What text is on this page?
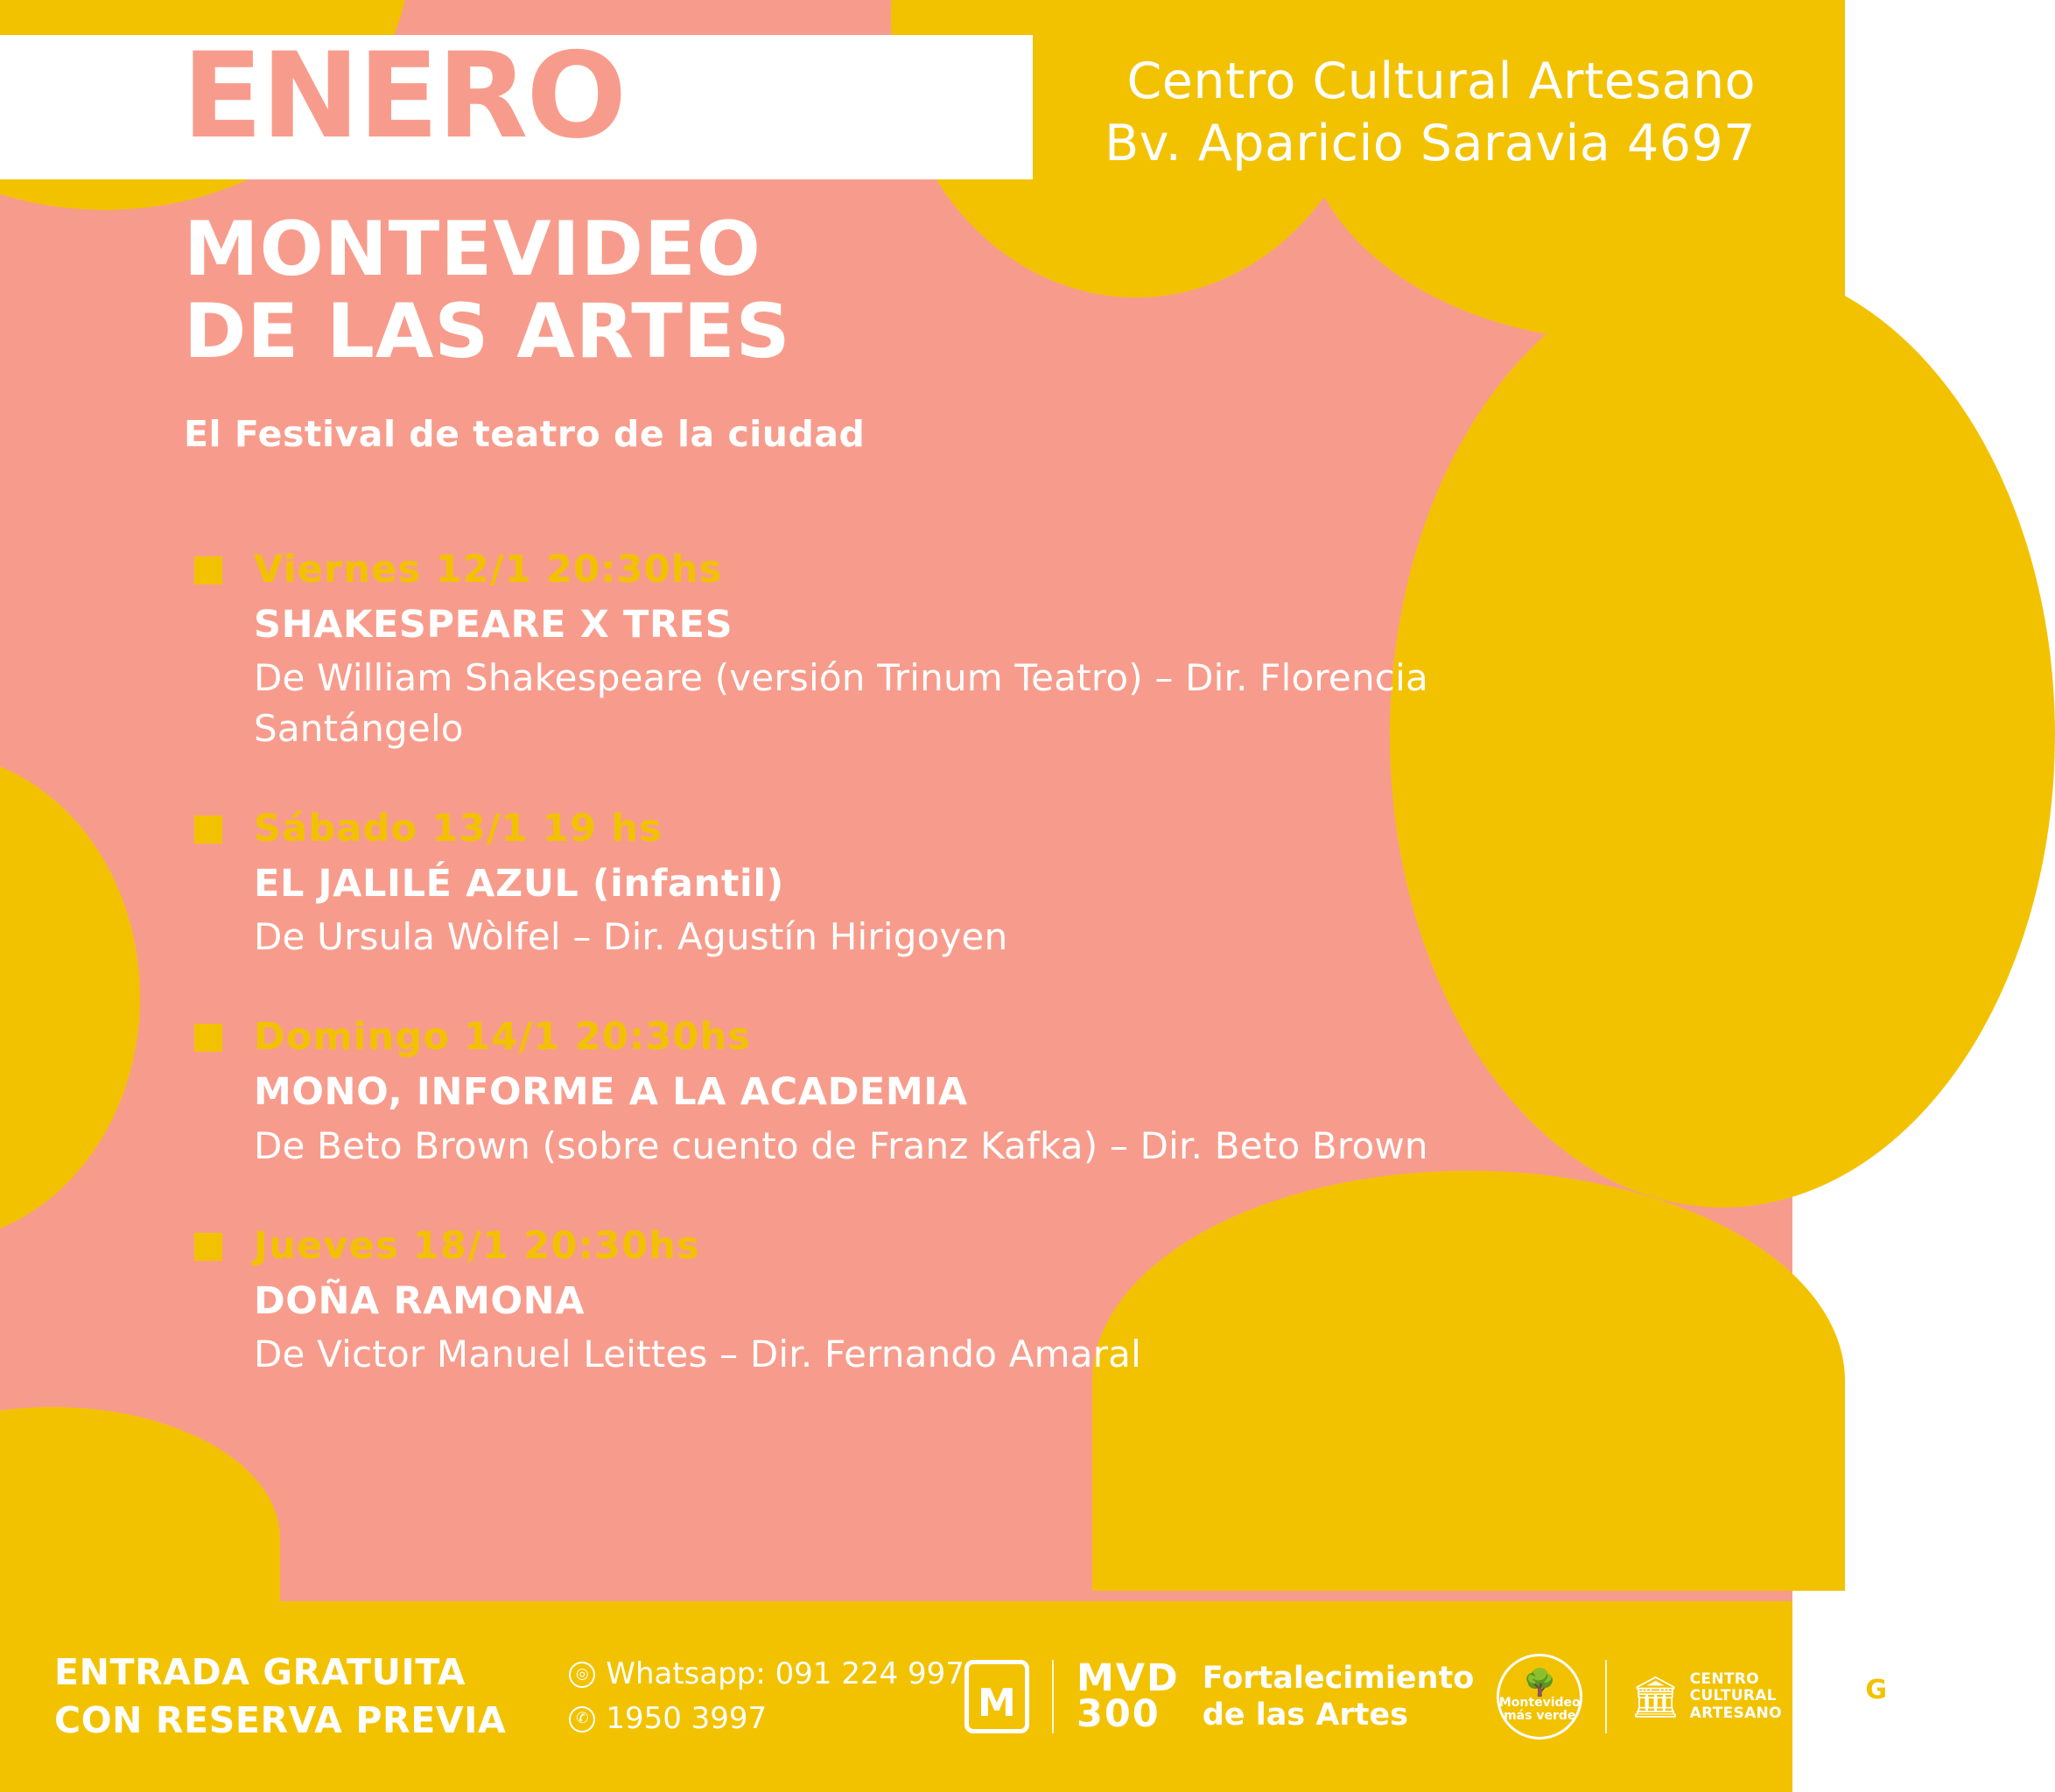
ENERO	Centro Cultural Artesano
Bv. Aparicio Saravia 4697
MONTEVIDEO
DE LAS ARTES
El Festival de teatro de la ciudad
Viernes 12/1 20:30hs
SHAKESPEARE X TRES
De William Shakespeare (versión Trinum Teatro) – Dir. Florencia Santángelo
Sábado 13/1 19 hs
EL JALILÉ AZUL (infantil)
De Ursula Wòlfel – Dir. Agustín Hirigoyen
Domingo 14/1 20:30hs
MONO, INFORME A LA ACADEMIA
De Beto Brown (sobre cuento de Franz Kafka) – Dir. Beto Brown
Jueves 18/1 20:30hs
DOÑA RAMONA
De Victor Manuel Leittes – Dir. Fernando Amaral
ENTRADA GRATUITA
CON RESERVA PREVIA
◎ Whatsapp: 091 224 997
✆ 1950 3997	M
MVD
300
Fortalecimiento
de las Artes
🌳
Montevideo
más verde 🏛 CENTRO
CULTURAL
ARTESANO
G
MUNICIPIO
